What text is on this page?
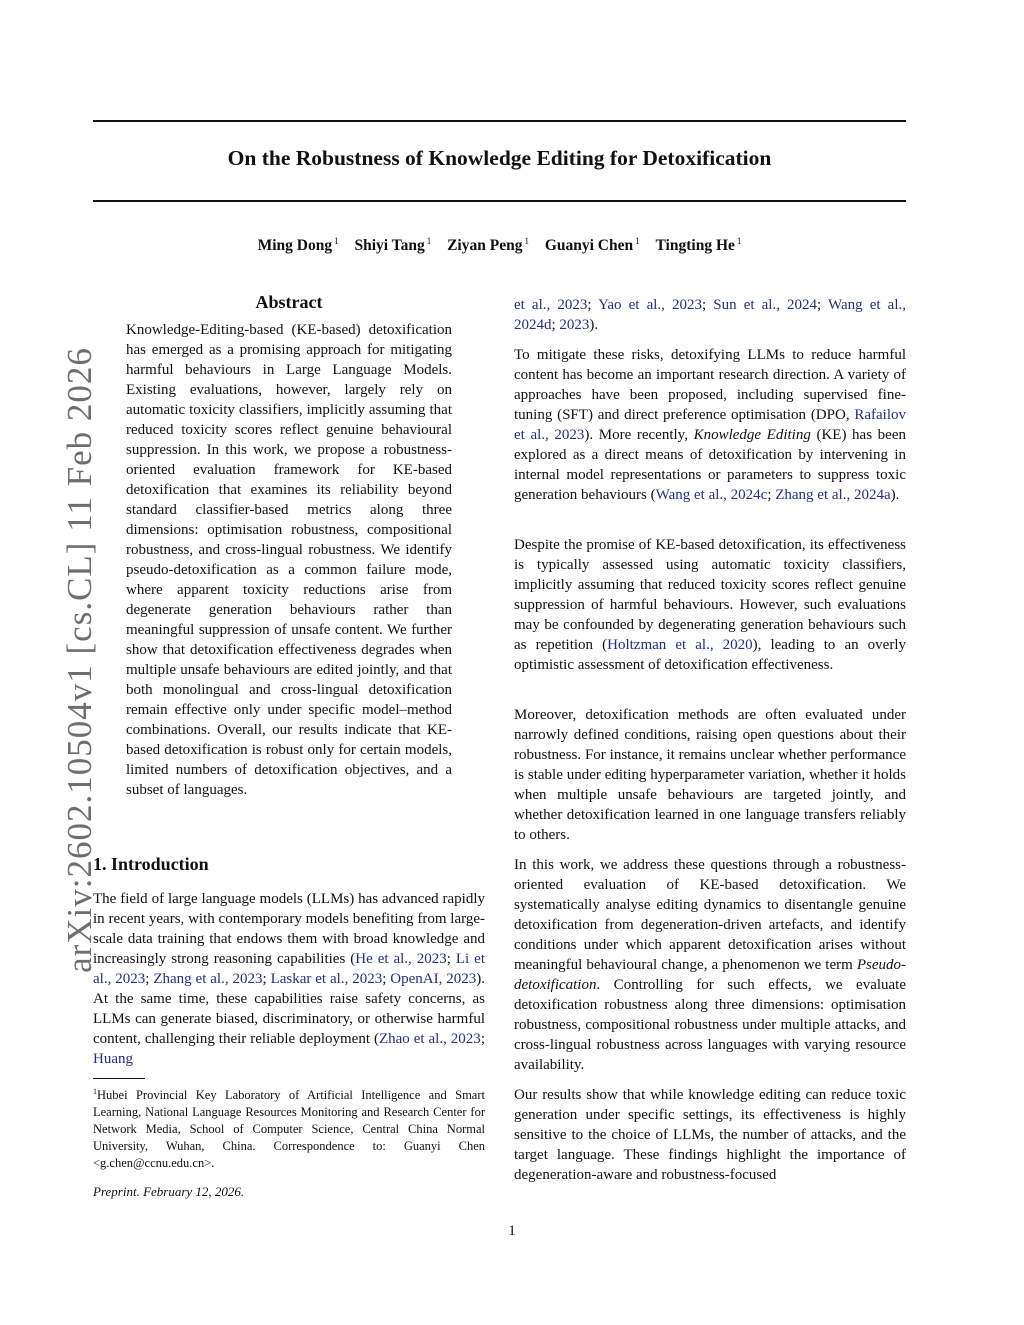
On the Robustness of Knowledge Editing for Detoxification
Ming Dong $^1$ Shiyi Tang $^1$ Ziyan Peng $^1$ Guanyi Chen $^1$ Tingting He $^1$
arXiv:2602.10504v1 [cs.CL] 11 Feb 2026
Abstract

Knowledge-Editing-based (KE-based) detoxification has emerged as a promising approach for mitigating harmful behaviours in Large Language Models. Existing evaluations, however, largely rely on automatic toxicity classifiers, implicitly assuming that reduced toxicity scores reflect genuine behavioural suppression. In this work, we propose a robustness-oriented evaluation framework for KE-based detoxification that examines its reliability beyond standard classifier-based metrics along three dimensions: optimisation robustness, compositional robustness, and cross-lingual robustness. We identify pseudo-detoxification as a common failure mode, where apparent toxicity reductions arise from degenerate generation behaviours rather than meaningful suppression of unsafe content. We further show that detoxification effectiveness degrades when multiple unsafe behaviours are edited jointly, and that both monolingual and cross-lingual detoxification remain effective only under specific model–method combinations. Overall, our results indicate that KE-based detoxification is robust only for certain models, limited numbers of detoxification objectives, and a subset of languages.

1. Introduction

The field of large language models (LLMs) has advanced rapidly in recent years, with contemporary models benefiting from large-scale data training that endows them with broad knowledge and increasingly strong reasoning capabilities (He et al., 2023; Li et al., 2023; Zhang et al., 2023; Laskar et al., 2023; OpenAI, 2023). At the same time, these capabilities raise safety concerns, as LLMs can generate biased, discriminatory, or otherwise harmful content, challenging their reliable deployment (Zhao et al., 2023; Huang

$^1$Hubei Provincial Key Laboratory of Artificial Intelligence and Smart Learning, National Language Resources Monitoring and Research Center for Network Media, School of Computer Science, Central China Normal University, Wuhan, China. Correspondence to: Guanyi Chen <g.chen@ccnu.edu.cn>.

Preprint. February 12, 2026.

1

et al., 2023; Yao et al., 2023; Sun et al., 2024; Wang et al., 2024d; 2023).

To mitigate these risks, detoxifying LLMs to reduce harmful content has become an important research direction. A variety of approaches have been proposed, including supervised fine-tuning (SFT) and direct preference optimisation (DPO, Rafailov et al., 2023). More recently, Knowledge Editing (KE) has been explored as a direct means of detoxification by intervening in internal model representations or parameters to suppress toxic generation behaviours (Wang et al., 2024c; Zhang et al., 2024a).

Despite the promise of KE-based detoxification, its effectiveness is typically assessed using automatic toxicity classifiers, implicitly assuming that reduced toxicity scores reflect genuine suppression of harmful behaviours. However, such evaluations may be confounded by degenerating generation behaviours such as repetition (Holtzman et al., 2020), leading to an overly optimistic assessment of detoxification effectiveness.

Moreover, detoxification methods are often evaluated under narrowly defined conditions, raising open questions about their robustness. For instance, it remains unclear whether performance is stable under editing hyperparameter variation, whether it holds when multiple unsafe behaviours are targeted jointly, and whether detoxification learned in one language transfers reliably to others.

In this work, we address these questions through a robustness-oriented evaluation of KE-based detoxification. We systematically analyse editing dynamics to disentangle genuine detoxification from degeneration-driven artefacts, and identify conditions under which apparent detoxification arises without meaningful behavioural change, a phenomenon we term Pseudo-detoxification. Controlling for such effects, we evaluate detoxification robustness along three dimensions: optimisation robustness, compositional robustness under multiple attacks, and cross-lingual robustness across languages with varying resource availability.

Our results show that while knowledge editing can reduce toxic generation under specific settings, its effectiveness is highly sensitive to the choice of LLMs, the number of attacks, and the target language. These findings highlight the importance of degeneration-aware and robustness-focused
